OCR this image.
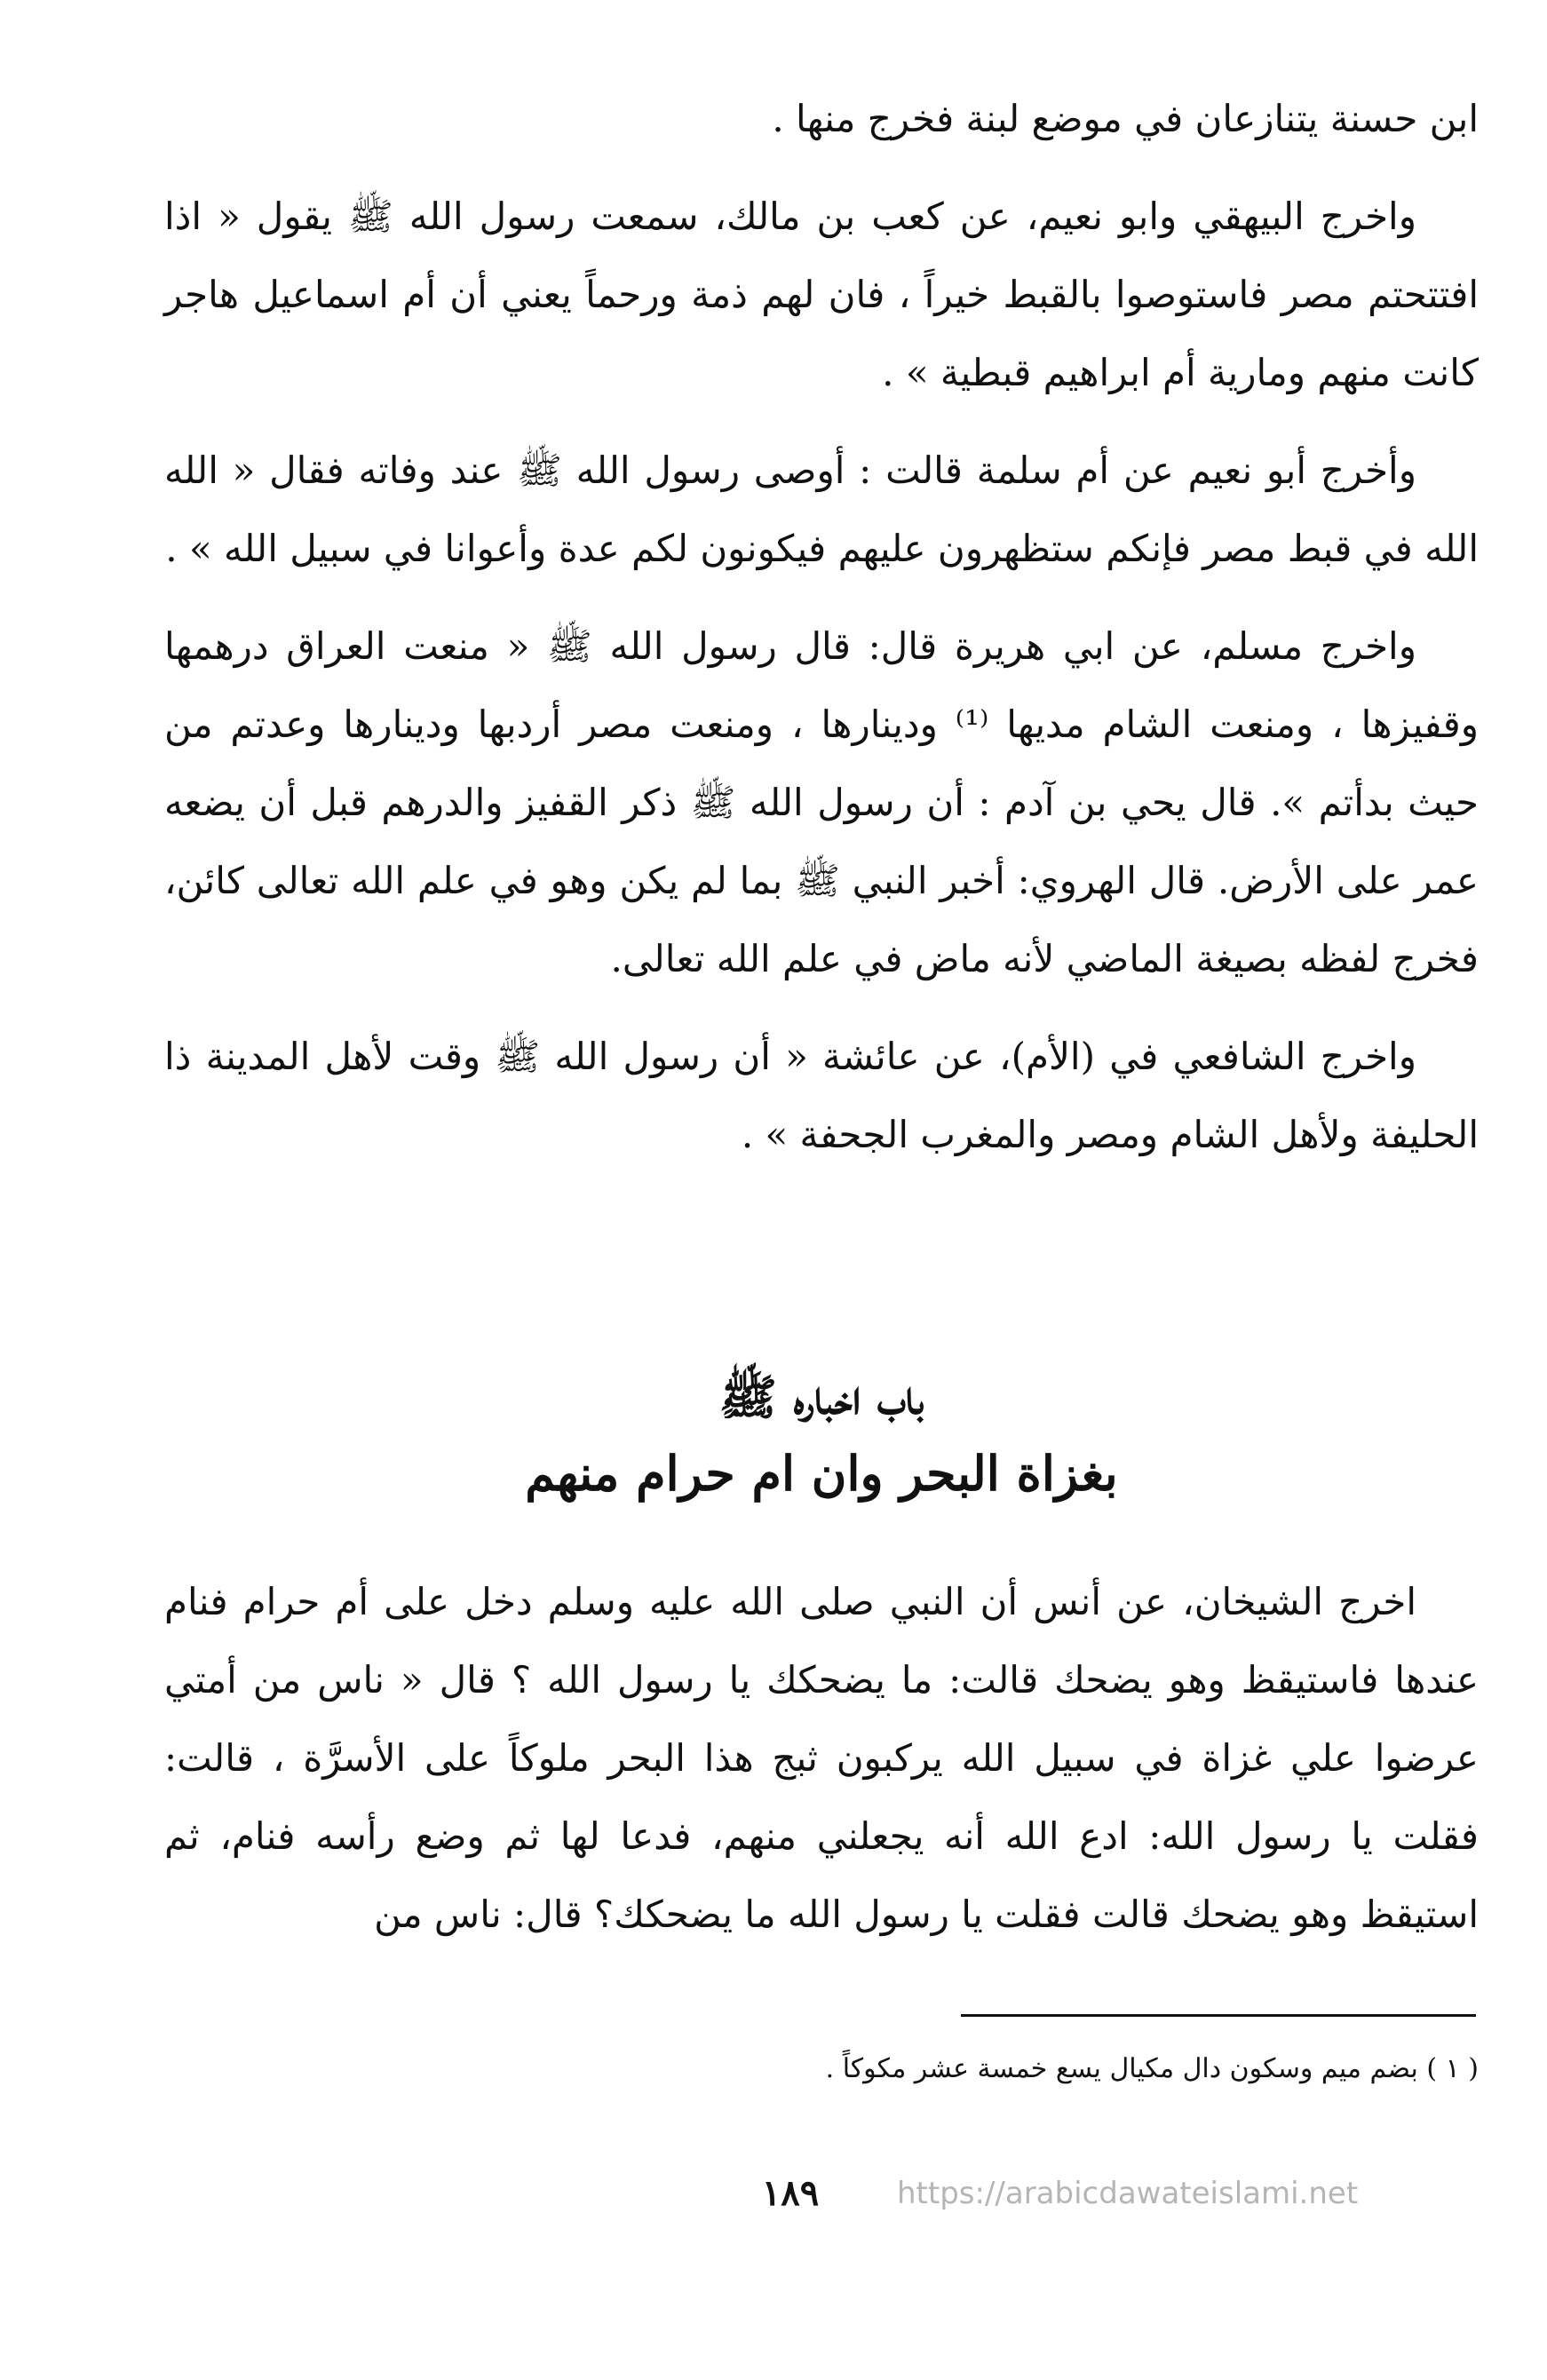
ابن حسنة يتنازعان في موضع لبنة فخرج منها .

واخرج البيهقي وابو نعيم، عن كعب بن مالك، سمعت رسول الله ﷺ يقول « اذا افتتحتم مصر فاستوصوا بالقبط خيراً ، فان لهم ذمة ورحماً يعني أن أم اسماعيل هاجر كانت منهم ومارية أم ابراهيم قبطية » .

وأخرج أبو نعيم عن أم سلمة قالت : أوصى رسول الله ﷺ عند وفاته فقال « الله الله في قبط مصر فإنكم ستظهرون عليهم فيكونون لكم عدة وأعوانا في سبيل الله » .

واخرج مسلم، عن ابي هريرة قال: قال رسول الله ﷺ « منعت العراق درهمها وقفيزها ، ومنعت الشام مديها ⁽¹⁾ ودينارها ، ومنعت مصر أردبها ودينارها وعدتم من حيث بدأتم ». قال يحي بن آدم : أن رسول الله ﷺ ذكر القفيز والدرهم قبل أن يضعه عمر على الأرض. قال الهروي: أخبر النبي ﷺ بما لم يكن وهو في علم الله تعالى كائن، فخرج لفظه بصيغة الماضي لأنه ماض في علم الله تعالى.

واخرج الشافعي في (الأم)، عن عائشة « أن رسول الله ﷺ وقت لأهل المدينة ذا الحليفة ولأهل الشام ومصر والمغرب الجحفة » .

باب اخباره ﷺ
بغزاة البحر وان ام حرام منهم

اخرج الشيخان، عن أنس أن النبي صلى الله عليه وسلم دخل على أم حرام فنام عندها فاستيقظ وهو يضحك قالت: ما يضحكك يا رسول الله ؟ قال « ناس من أمتي عرضوا علي غزاة في سبيل الله يركبون ثبج هذا البحر ملوكاً على الأسرَّة ، قالت: فقلت يا رسول الله: ادع الله أنه يجعلني منهم، فدعا لها ثم وضع رأسه فنام، ثم استيقظ وهو يضحك قالت فقلت يا رسول الله ما يضحكك؟ قال: ناس من

( ١ ) بضم ميم وسكون دال مكيال يسع خمسة عشر مكوكاً .
١٨٩	https://arabicdawateislami.net
